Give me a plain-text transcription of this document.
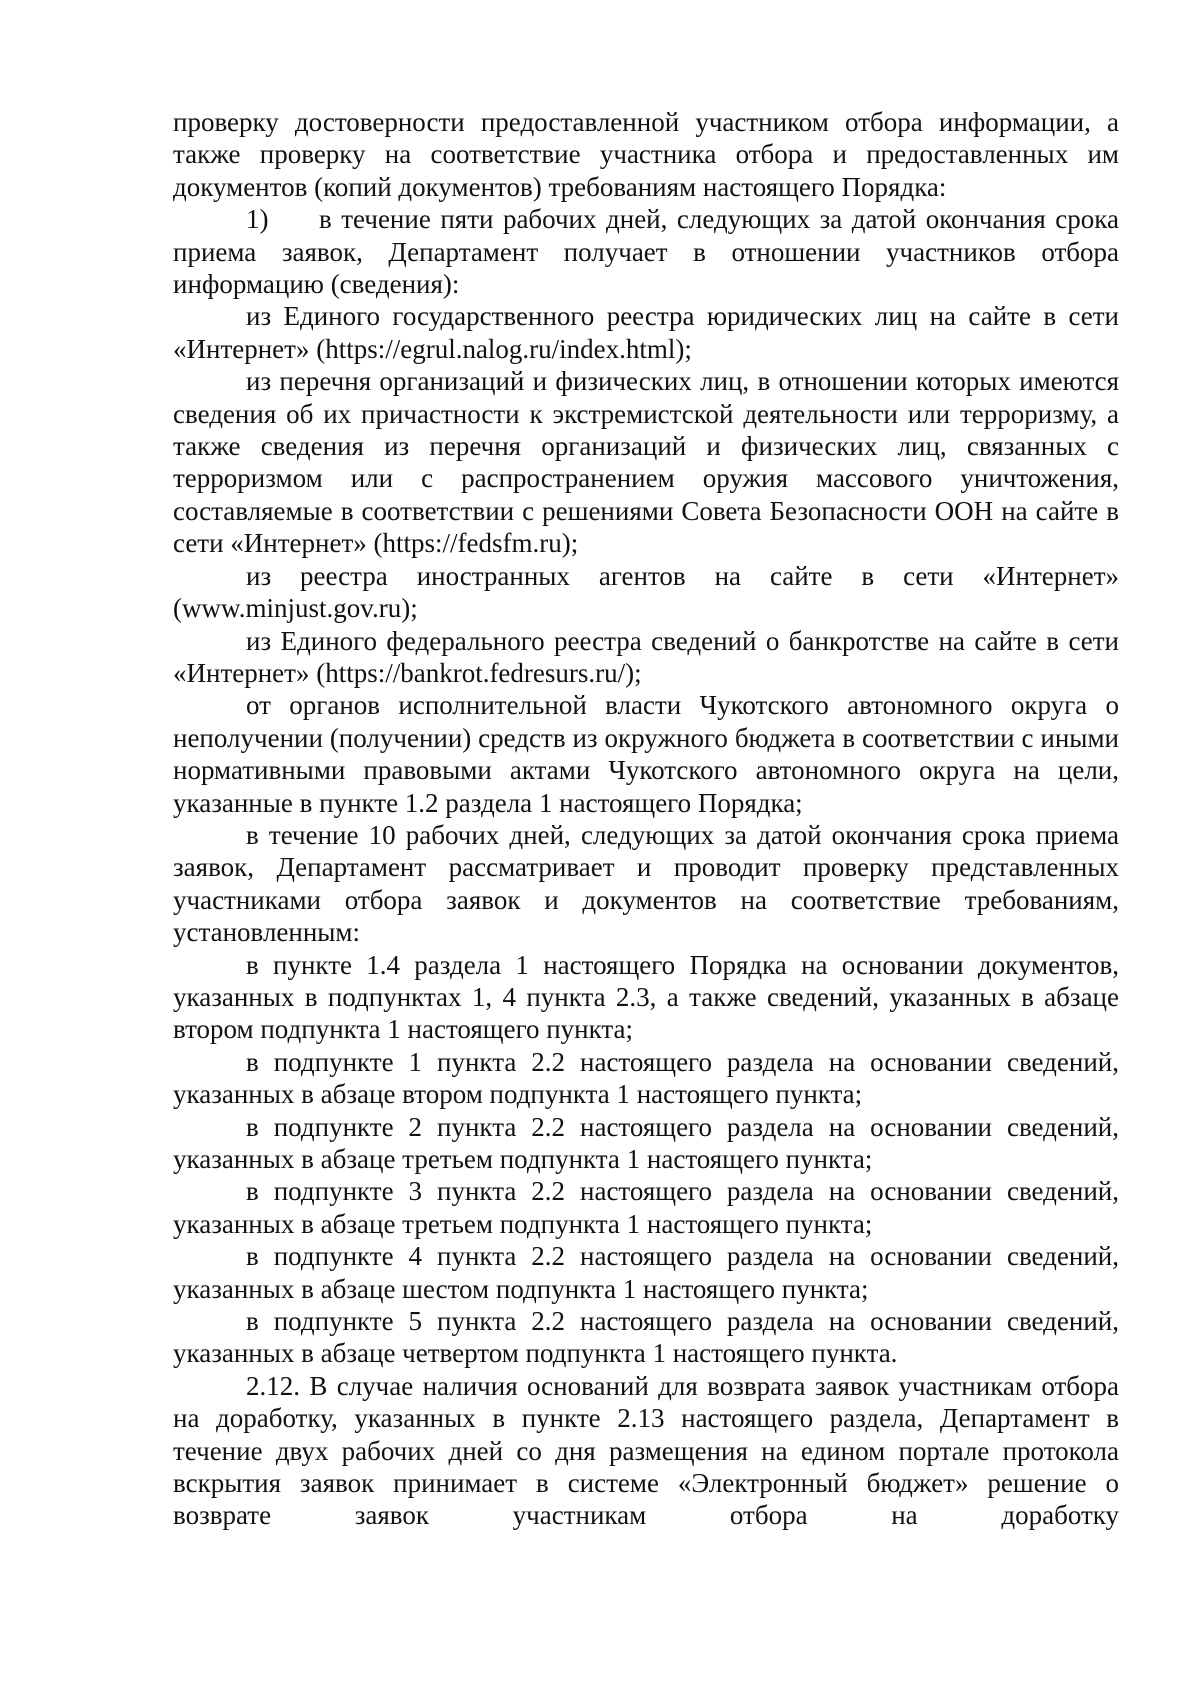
проверку достоверности предоставленной участником отбора информации, а также проверку на соответствие участника отбора и предоставленных им документов (копий документов) требованиям настоящего Порядка:

1) в течение пяти рабочих дней, следующих за датой окончания срока приема заявок, Департамент получает в отношении участников отбора информацию (сведения):

из Единого государственного реестра юридических лиц на сайте в сети «Интернет» (https://egrul.nalog.ru/index.html);

из перечня организаций и физических лиц, в отношении которых имеются сведения об их причастности к экстремистской деятельности или терроризму, а также сведения из перечня организаций и физических лиц, связанных с терроризмом или с распространением оружия массового уничтожения, составляемые в соответствии с решениями Совета Безопасности ООН на сайте в сети «Интернет» (https://fedsfm.ru);

из реестра иностранных агентов на сайте в сети «Интернет» (www.minjust.gov.ru);

из Единого федерального реестра сведений о банкротстве на сайте в сети «Интернет» (https://bankrot.fedresurs.ru/);

от органов исполнительной власти Чукотского автономного округа о неполучении (получении) средств из окружного бюджета в соответствии с иными нормативными правовыми актами Чукотского автономного округа на цели, указанные в пункте 1.2 раздела 1 настоящего Порядка;

в течение 10 рабочих дней, следующих за датой окончания срока приема заявок, Департамент рассматривает и проводит проверку представленных участниками отбора заявок и документов на соответствие требованиям, установленным:

в пункте 1.4 раздела 1 настоящего Порядка на основании документов, указанных в подпунктах 1, 4 пункта 2.3, а также сведений, указанных в абзаце втором подпункта 1 настоящего пункта;

в подпункте 1 пункта 2.2 настоящего раздела на основании сведений, указанных в абзаце втором подпункта 1 настоящего пункта;

в подпункте 2 пункта 2.2 настоящего раздела на основании сведений, указанных в абзаце третьем подпункта 1 настоящего пункта;

в подпункте 3 пункта 2.2 настоящего раздела на основании сведений, указанных в абзаце третьем подпункта 1 настоящего пункта;

в подпункте 4 пункта 2.2 настоящего раздела на основании сведений, указанных в абзаце шестом подпункта 1 настоящего пункта;

в подпункте 5 пункта 2.2 настоящего раздела на основании сведений, указанных в абзаце четвертом подпункта 1 настоящего пункта.

2.12. В случае наличия оснований для возврата заявок участникам отбора на доработку, указанных в пункте 2.13 настоящего раздела, Департамент в течение двух рабочих дней со дня размещения на едином портале протокола вскрытия заявок принимает в системе «Электронный бюджет» решение о возврате заявок участникам отбора на доработку
